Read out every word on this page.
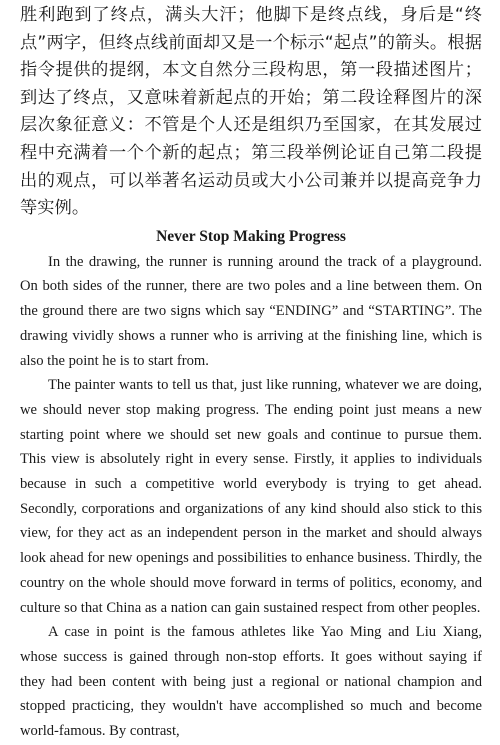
胜利跑到了终点，满头大汗；他脚下是终点线，身后是“终点”两字，但终点线前面却又是一个标示“起点”的箭头。根据指令提供的提纲，本文自然分三段构思，第一段描述图片；到达了终点，又意味着新起点的开始；第二段诠释图片的深层次象征意义：不管是个人还是组织乃至国家，在其发展过程中充满着一个个新的起点；第三段举例论证自己第二段提出的观点，可以举著名运动员或大小公司兼并以提高竞争力等实例。

Never Stop Making Progress

In the drawing, the runner is running around the track of a playground. On both sides of the runner, there are two poles and a line between them. On the ground there are two signs which say “ENDING” and “STARTING”. The drawing vividly shows a runner who is arriving at the finishing line, which is also the point he is to start from.

The painter wants to tell us that, just like running, whatever we are doing, we should never stop making progress. The ending point just means a new starting point where we should set new goals and continue to pursue them. This view is absolutely right in every sense. Firstly, it applies to individuals because in such a competitive world everybody is trying to get ahead. Secondly, corporations and organizations of any kind should also stick to this view, for they act as an independent person in the market and should always look ahead for new openings and possibilities to enhance business. Thirdly, the country on the whole should move forward in terms of politics, economy, and culture so that China as a nation can gain sustained respect from other peoples.

A case in point is the famous athletes like Yao Ming and Liu Xiang, whose success is gained through non-stop efforts. It goes without saying if they had been content with being just a regional or national champion and stopped practicing, they wouldn't have accomplished so much and become world-famous. By contrast,
